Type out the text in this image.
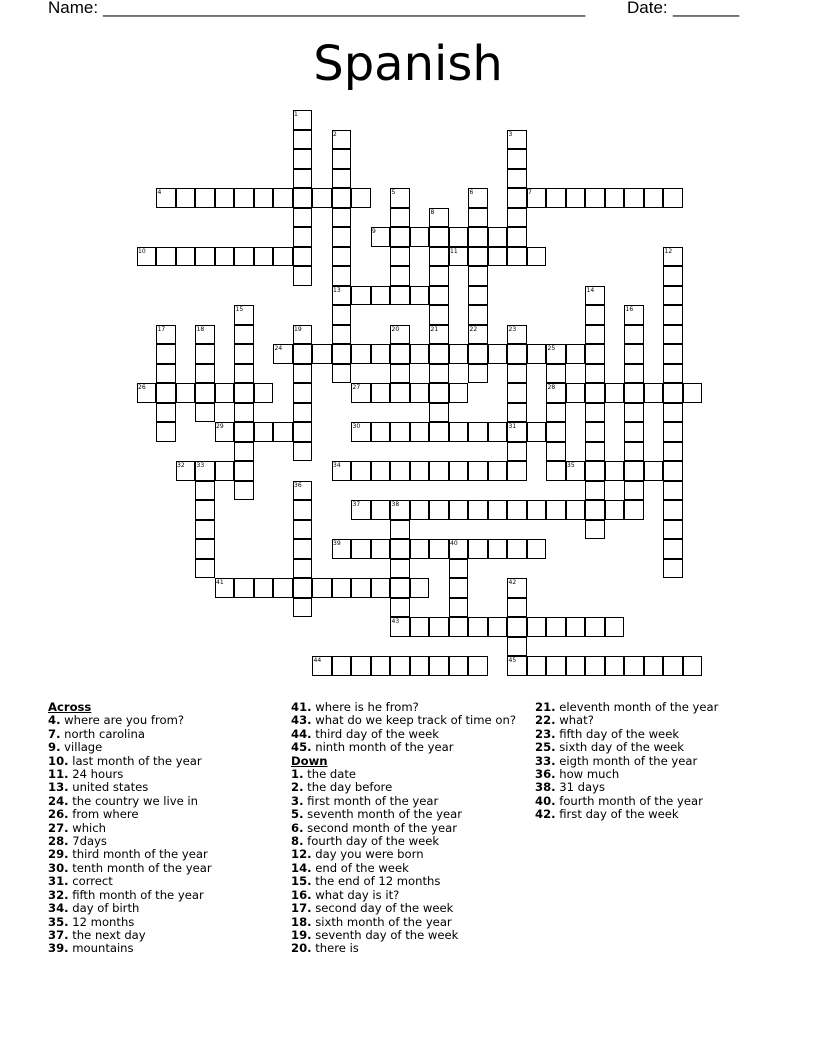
Name: ___________________________________________________ Date: _______
Spanish
4	7
9
10	11
13
24
26	27	28
29	30	31
32	34	35
37
39
41
43
44	45
1
2	3
5	6
8
12
14
15	16
17	18	19	20	21	22	23
25
33
36
38
40
42
Across
4. where are you from?
7. north carolina
9. village
10. last month of the year
11. 24 hours
13. united states
24. the country we live in
26. from where
27. which
28. 7days
29. third month of the year
30. tenth month of the year
31. correct
32. fifth month of the year
34. day of birth
35. 12 months
37. the next day
39. mountains
41. where is he from?
43. what do we keep track of time on?
44. third day of the week
45. ninth month of the year
Down
1. the date
2. the day before
3. first month of the year
5. seventh month of the year
6. second month of the year
8. fourth day of the week
12. day you were born
14. end of the week
15. the end of 12 months
16. what day is it?
17. second day of the week
18. sixth month of the year
19. seventh day of the week
20. there is
21. eleventh month of the year
22. what?
23. fifth day of the week
25. sixth day of the week
33. eigth month of the year
36. how much
38. 31 days
40. fourth month of the year
42. first day of the week
